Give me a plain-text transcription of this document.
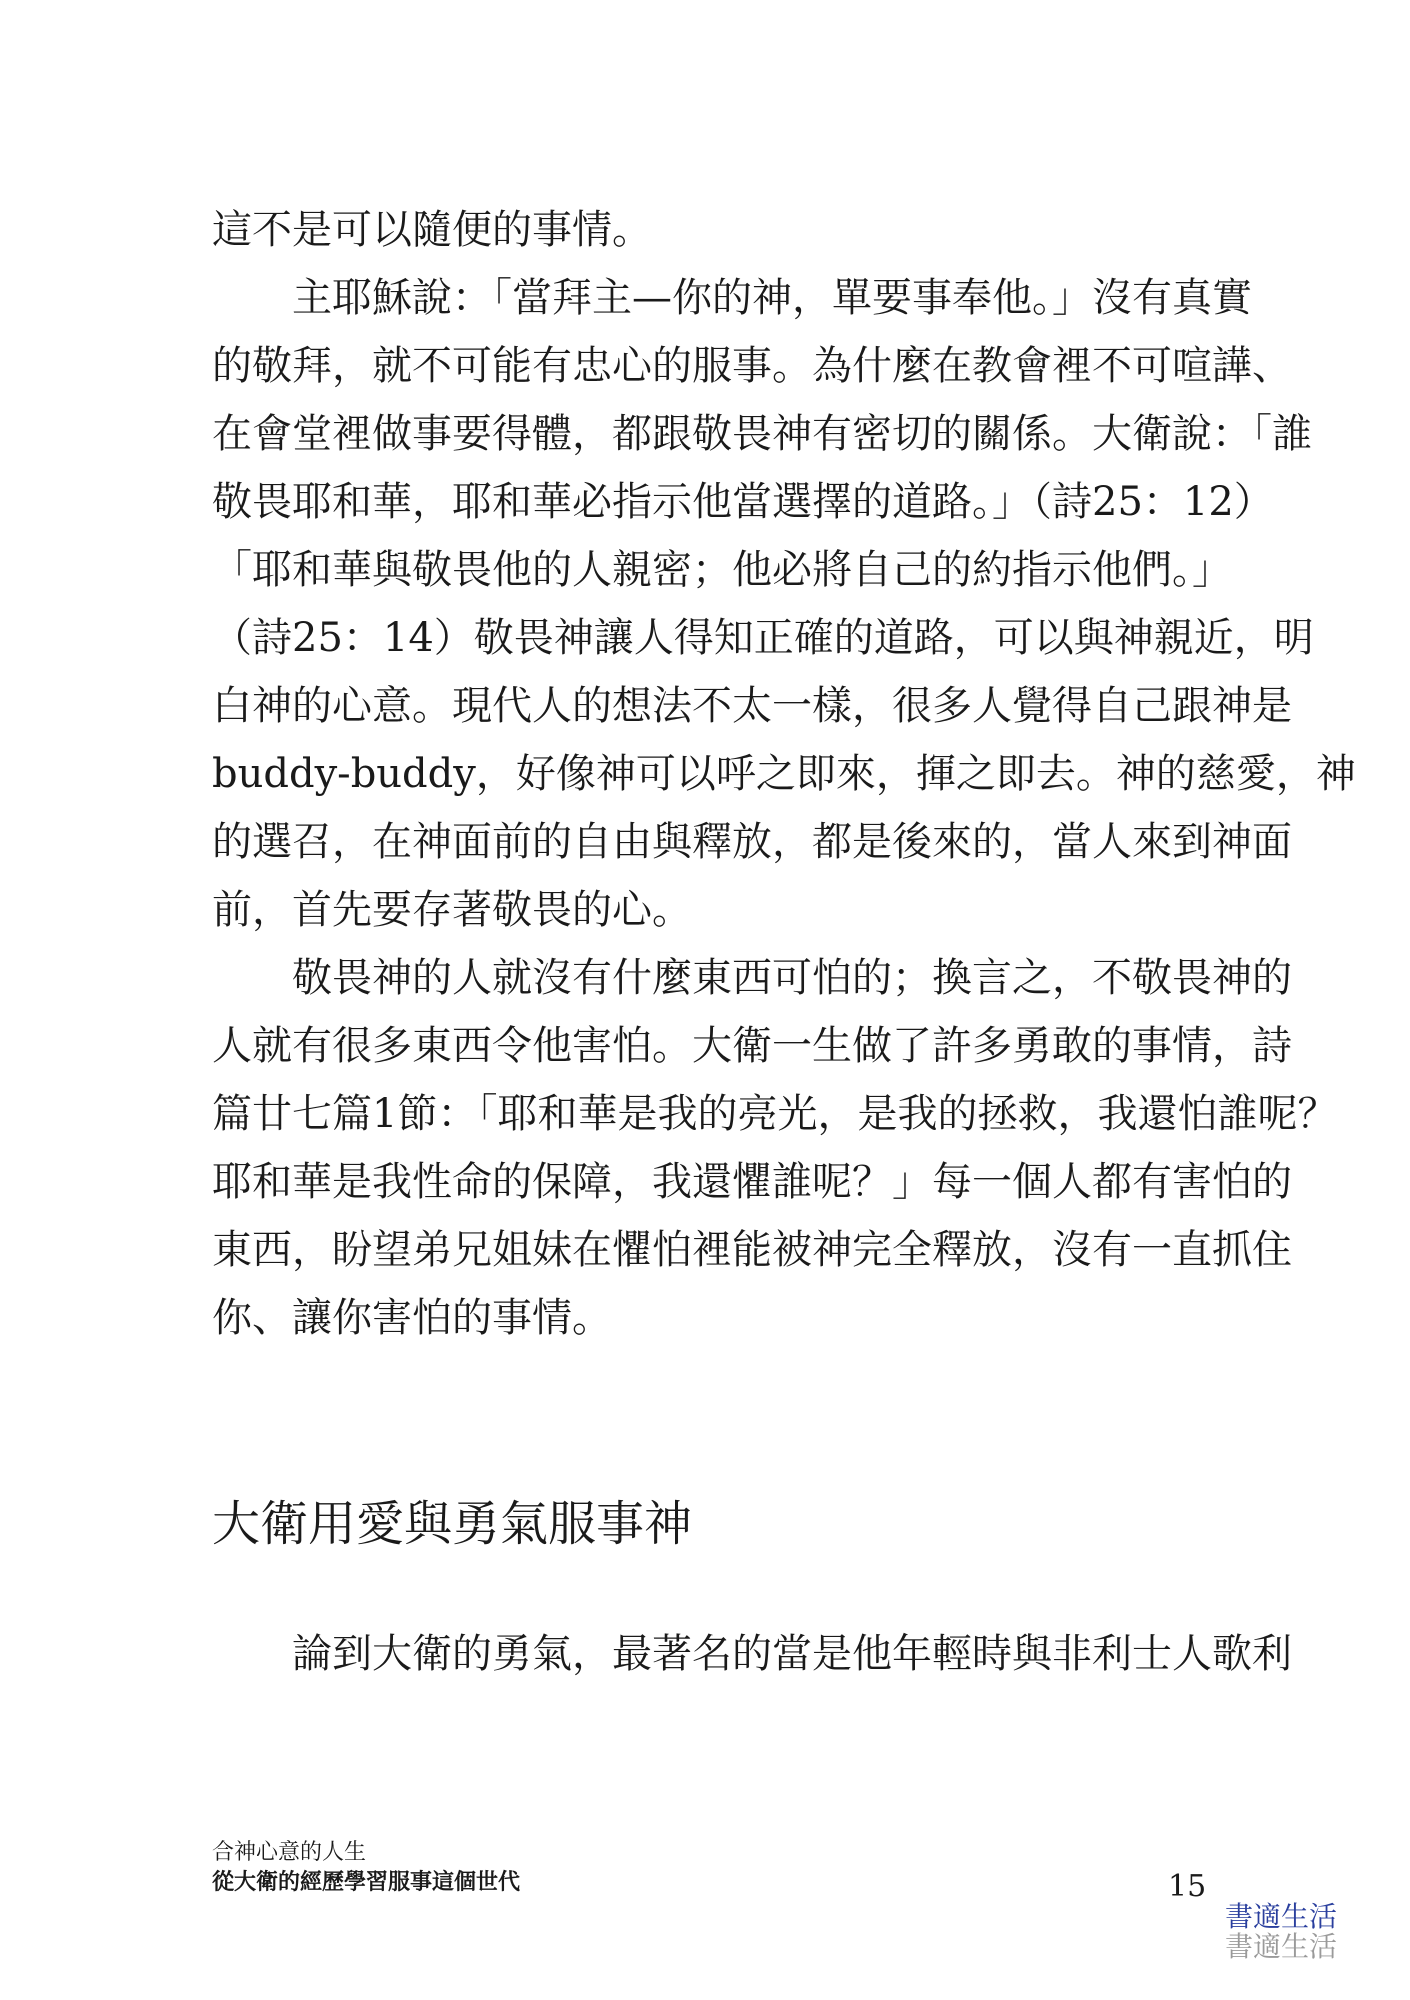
這不是可以隨便的事情。
主耶穌說：「當拜主—你的神，單要事奉他。」沒有真實
的敬拜，就不可能有忠心的服事。為什麼在教會裡不可喧譁、
在會堂裡做事要得體，都跟敬畏神有密切的關係。大衛說：「誰
敬畏耶和華，耶和華必指示他當選擇的道路。」（詩25：12）
「耶和華與敬畏他的人親密；他必將自己的約指示他們。」
（詩25：14）敬畏神讓人得知正確的道路，可以與神親近，明
白神的心意。現代人的想法不太一樣，很多人覺得自己跟神是
buddy-buddy，好像神可以呼之即來，揮之即去。神的慈愛，神
的選召，在神面前的自由與釋放，都是後來的，當人來到神面
前，首先要存著敬畏的心。
敬畏神的人就沒有什麼東西可怕的；換言之，不敬畏神的
人就有很多東西令他害怕。大衛一生做了許多勇敢的事情，詩
篇廿七篇1節：「耶和華是我的亮光，是我的拯救，我還怕誰呢？
耶和華是我性命的保障，我還懼誰呢？」每一個人都有害怕的
東西，盼望弟兄姐妹在懼怕裡能被神完全釋放，沒有一直抓住
你、讓你害怕的事情。
大衛用愛與勇氣服事神
論到大衛的勇氣，最著名的當是他年輕時與非利士人歌利
合神心意的人生
從大衛的經歷學習服事這個世代	15
書適生活
書適生活
